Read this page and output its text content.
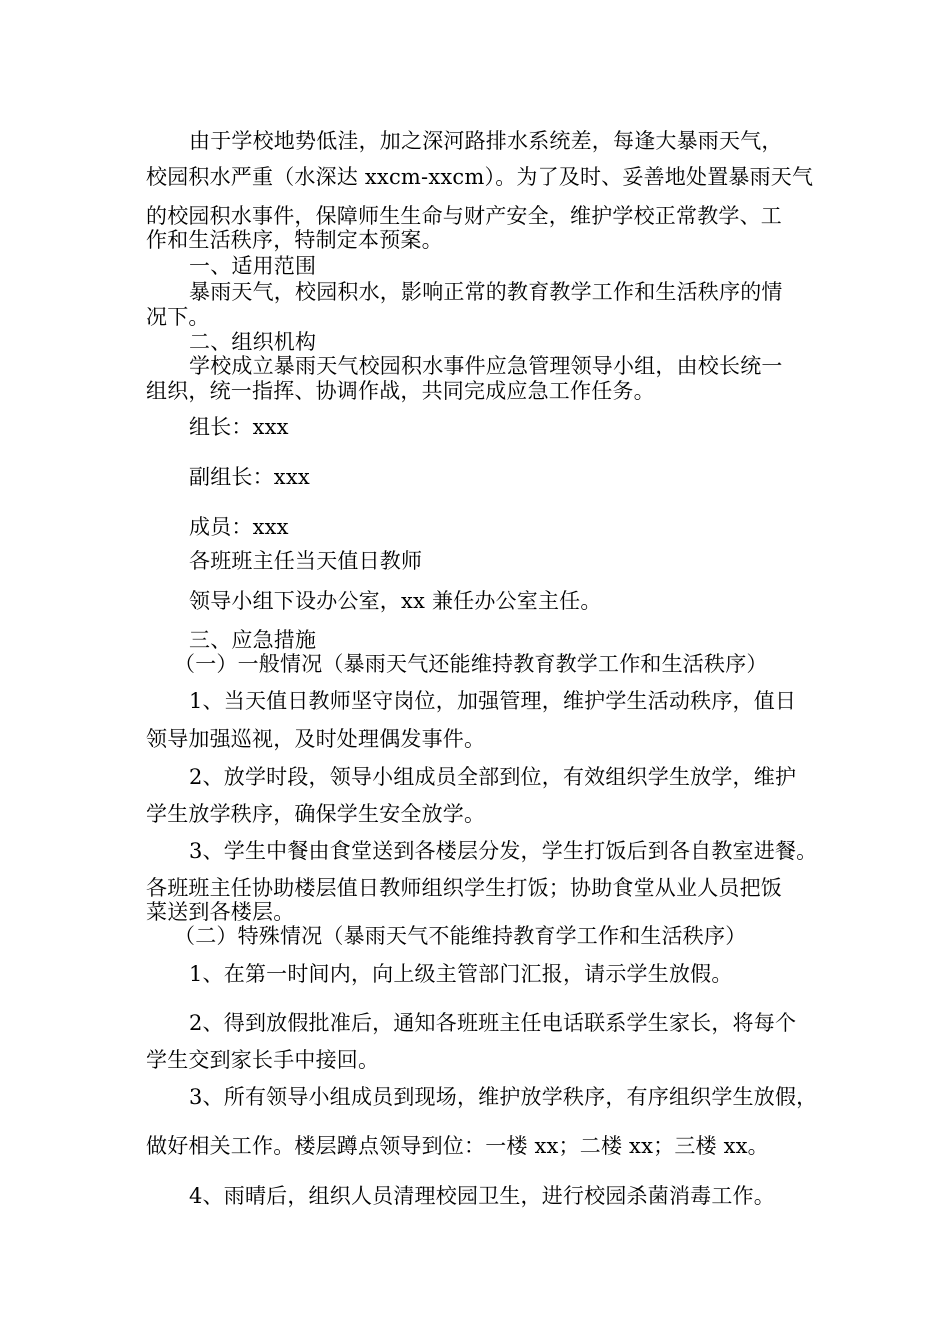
由于学校地势低洼，加之深河路排水系统差，每逢大暴雨天气，
校园积水严重（水深达 xxcm-xxcm）。为了及时、妥善地处置暴雨天气
的校园积水事件，保障师生生命与财产安全，维护学校正常教学、工
作和生活秩序，特制定本预案。
一、适用范围
暴雨天气，校园积水，影响正常的教育教学工作和生活秩序的情
况下。
二、组织机构
学校成立暴雨天气校园积水事件应急管理领导小组，由校长统一
组织，统一指挥、协调作战，共同完成应急工作任务。
组长：xxx
副组长：xxx
成员：xxx
各班班主任当天值日教师
领导小组下设办公室，xx 兼任办公室主任。
三、应急措施
（一）一般情况（暴雨天气还能维持教育教学工作和生活秩序）
1、当天值日教师坚守岗位，加强管理，维护学生活动秩序，值日
领导加强巡视，及时处理偶发事件。
2、放学时段，领导小组成员全部到位，有效组织学生放学，维护
学生放学秩序，确保学生安全放学。
3、学生中餐由食堂送到各楼层分发，学生打饭后到各自教室进餐。
各班班主任协助楼层值日教师组织学生打饭；协助食堂从业人员把饭
菜送到各楼层。
（二）特殊情况（暴雨天气不能维持教育学工作和生活秩序）
1、在第一时间内，向上级主管部门汇报，请示学生放假。
2、得到放假批准后，通知各班班主任电话联系学生家长，将每个
学生交到家长手中接回。
3、所有领导小组成员到现场，维护放学秩序，有序组织学生放假，
做好相关工作。楼层蹲点领导到位：一楼 xx；二楼 xx；三楼 xx。
4、雨晴后，组织人员清理校园卫生，进行校园杀菌消毒工作。
